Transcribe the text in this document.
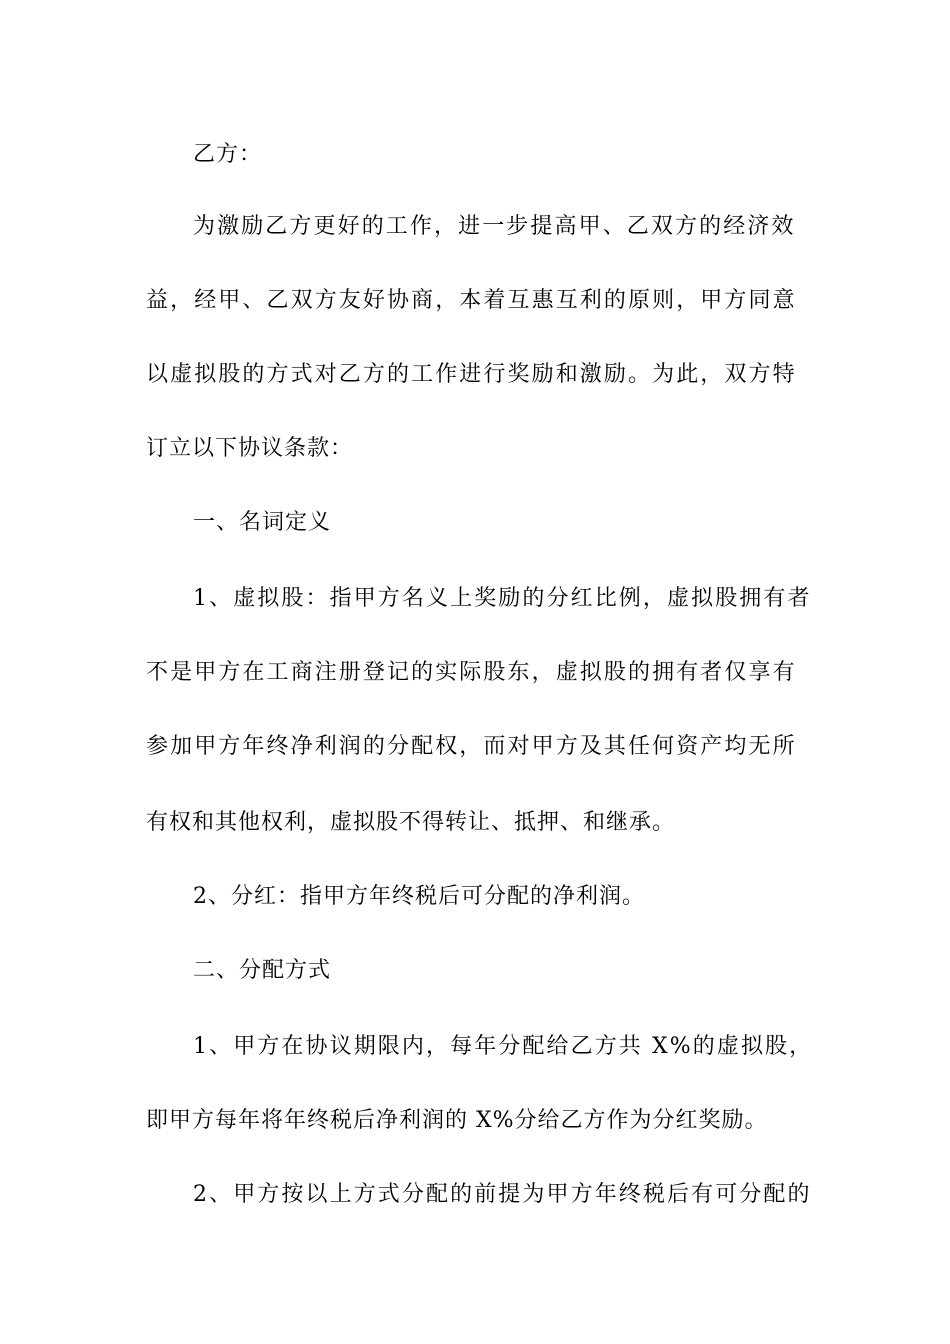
乙方：
为激励乙方更好的工作，进一步提高甲、乙双方的经济效
益，经甲、乙双方友好协商，本着互惠互利的原则，甲方同意
以虚拟股的方式对乙方的工作进行奖励和激励。为此，双方特
订立以下协议条款：
一、名词定义
1、虚拟股：指甲方名义上奖励的分红比例，虚拟股拥有者
不是甲方在工商注册登记的实际股东，虚拟股的拥有者仅享有
参加甲方年终净利润的分配权，而对甲方及其任何资产均无所
有权和其他权利，虚拟股不得转让、抵押、和继承。
2、分红：指甲方年终税后可分配的净利润。
二、分配方式
1、甲方在协议期限内，每年分配给乙方共 X%的虚拟股，
即甲方每年将年终税后净利润的 X%分给乙方作为分红奖励。
2、甲方按以上方式分配的前提为甲方年终税后有可分配的
